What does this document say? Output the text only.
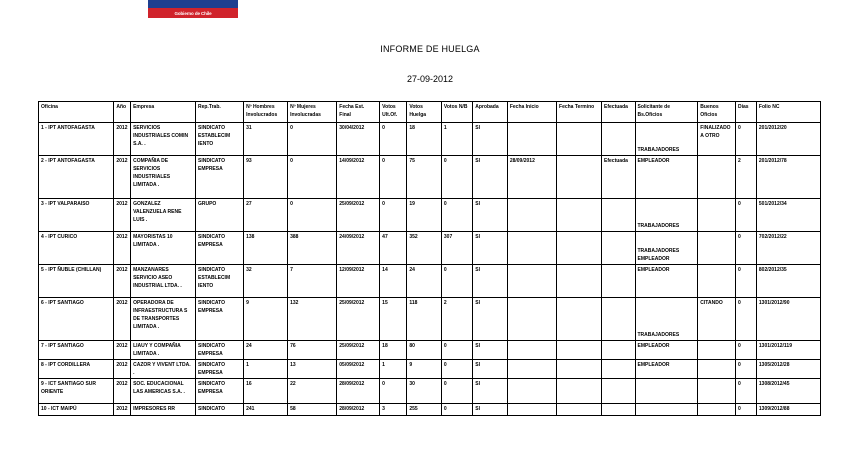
Gobierno de Chile
INFORME DE HUELGA
27-09-2012
Oficina	Año	Empresa	Rep.Trab.	Nº Hombres Involucrados	Nº Mujeres Involucradas	Fecha Est. Final	Votos Ult.Of.	Votos Huelga	Votos N/B	Aprobada	Fecha Inicio	Fecha Termino	Efectuada	Solicitante de Bs.Oficios	Buenos Oficios	Días	Folio NC
1 - IPT ANTOFAGASTA	2012	SERVICIOS INDUSTRIALES COMIN S.A. .	SINDICATO ESTABLECIM IENTO	31	0	30/04/2012	0	18	1	SI				TRABAJADORES	FINALIZADO A OTRO	0	201/2012/20
2 - IPT ANTOFAGASTA	2012	COMPAÑIA DE SERVICIOS INDUSTRIALES LIMITADA .	SINDICATO EMPRESA	93	0	14/09/2012	0	75	0	SI	28/09/2012		Efectuada	EMPLEADOR		2	201/2012/78
3 - IPT VALPARAISO	2012	GONZALEZ VALENZUELA RENE LUIS .	GRUPO	27	0	25/09/2012	0	19	0	SI				TRABAJADORES		0	501/2012/34
4 - IPT CURICO	2012	MAYORISTAS 10 LIMITADA .	SINDICATO EMPRESA	138	388	24/09/2012	47	352	307	SI				TRABAJADORES EMPLEADOR		0	702/2012/22
5 - IPT ÑUBLE (CHILLAN)	2012	MANZANARES SERVICIO ASEO INDUSTRIAL LTDA. .	SINDICATO ESTABLECIM IENTO	32	7	12/09/2012	14	24	0	SI				EMPLEADOR		0	802/2012/35
6 - IPT SANTIAGO	2012	OPERADORA DE INFRAESTRUCTURA S DE TRANSPORTES LIMITADA .	SINDICATO EMPRESA	9	132	25/09/2012	15	118	2	SI				TRABAJADORES	CITANDO	0	1301/2012/90
7 - IPT SANTIAGO	2012	LIAUY Y COMPAÑIA LIMITADA .	SINDICATO EMPRESA	24	76	25/09/2012	18	80	0	SI				EMPLEADOR		0	1301/2012/119
8 - IPT CORDILLERA	2012	CAZOR Y VIVENT LTDA. .	SINDICATO EMPRESA	1	13	05/09/2012	1	9	0	SI				EMPLEADOR		0	1305/2012/28
9 - ICT SANTIAGO SUR ORIENTE	2012	SOC. EDUCACIONAL LAS AMERICAS S.A. .	SINDICATO EMPRESA	16	22	28/09/2012	0	30	0	SI						0	1308/2012/45
10 - ICT MAIPÚ	2012	IMPRESORES RR	SINDICATO	241	58	28/09/2012	3	255	0	SI						0	1309/2012/88
